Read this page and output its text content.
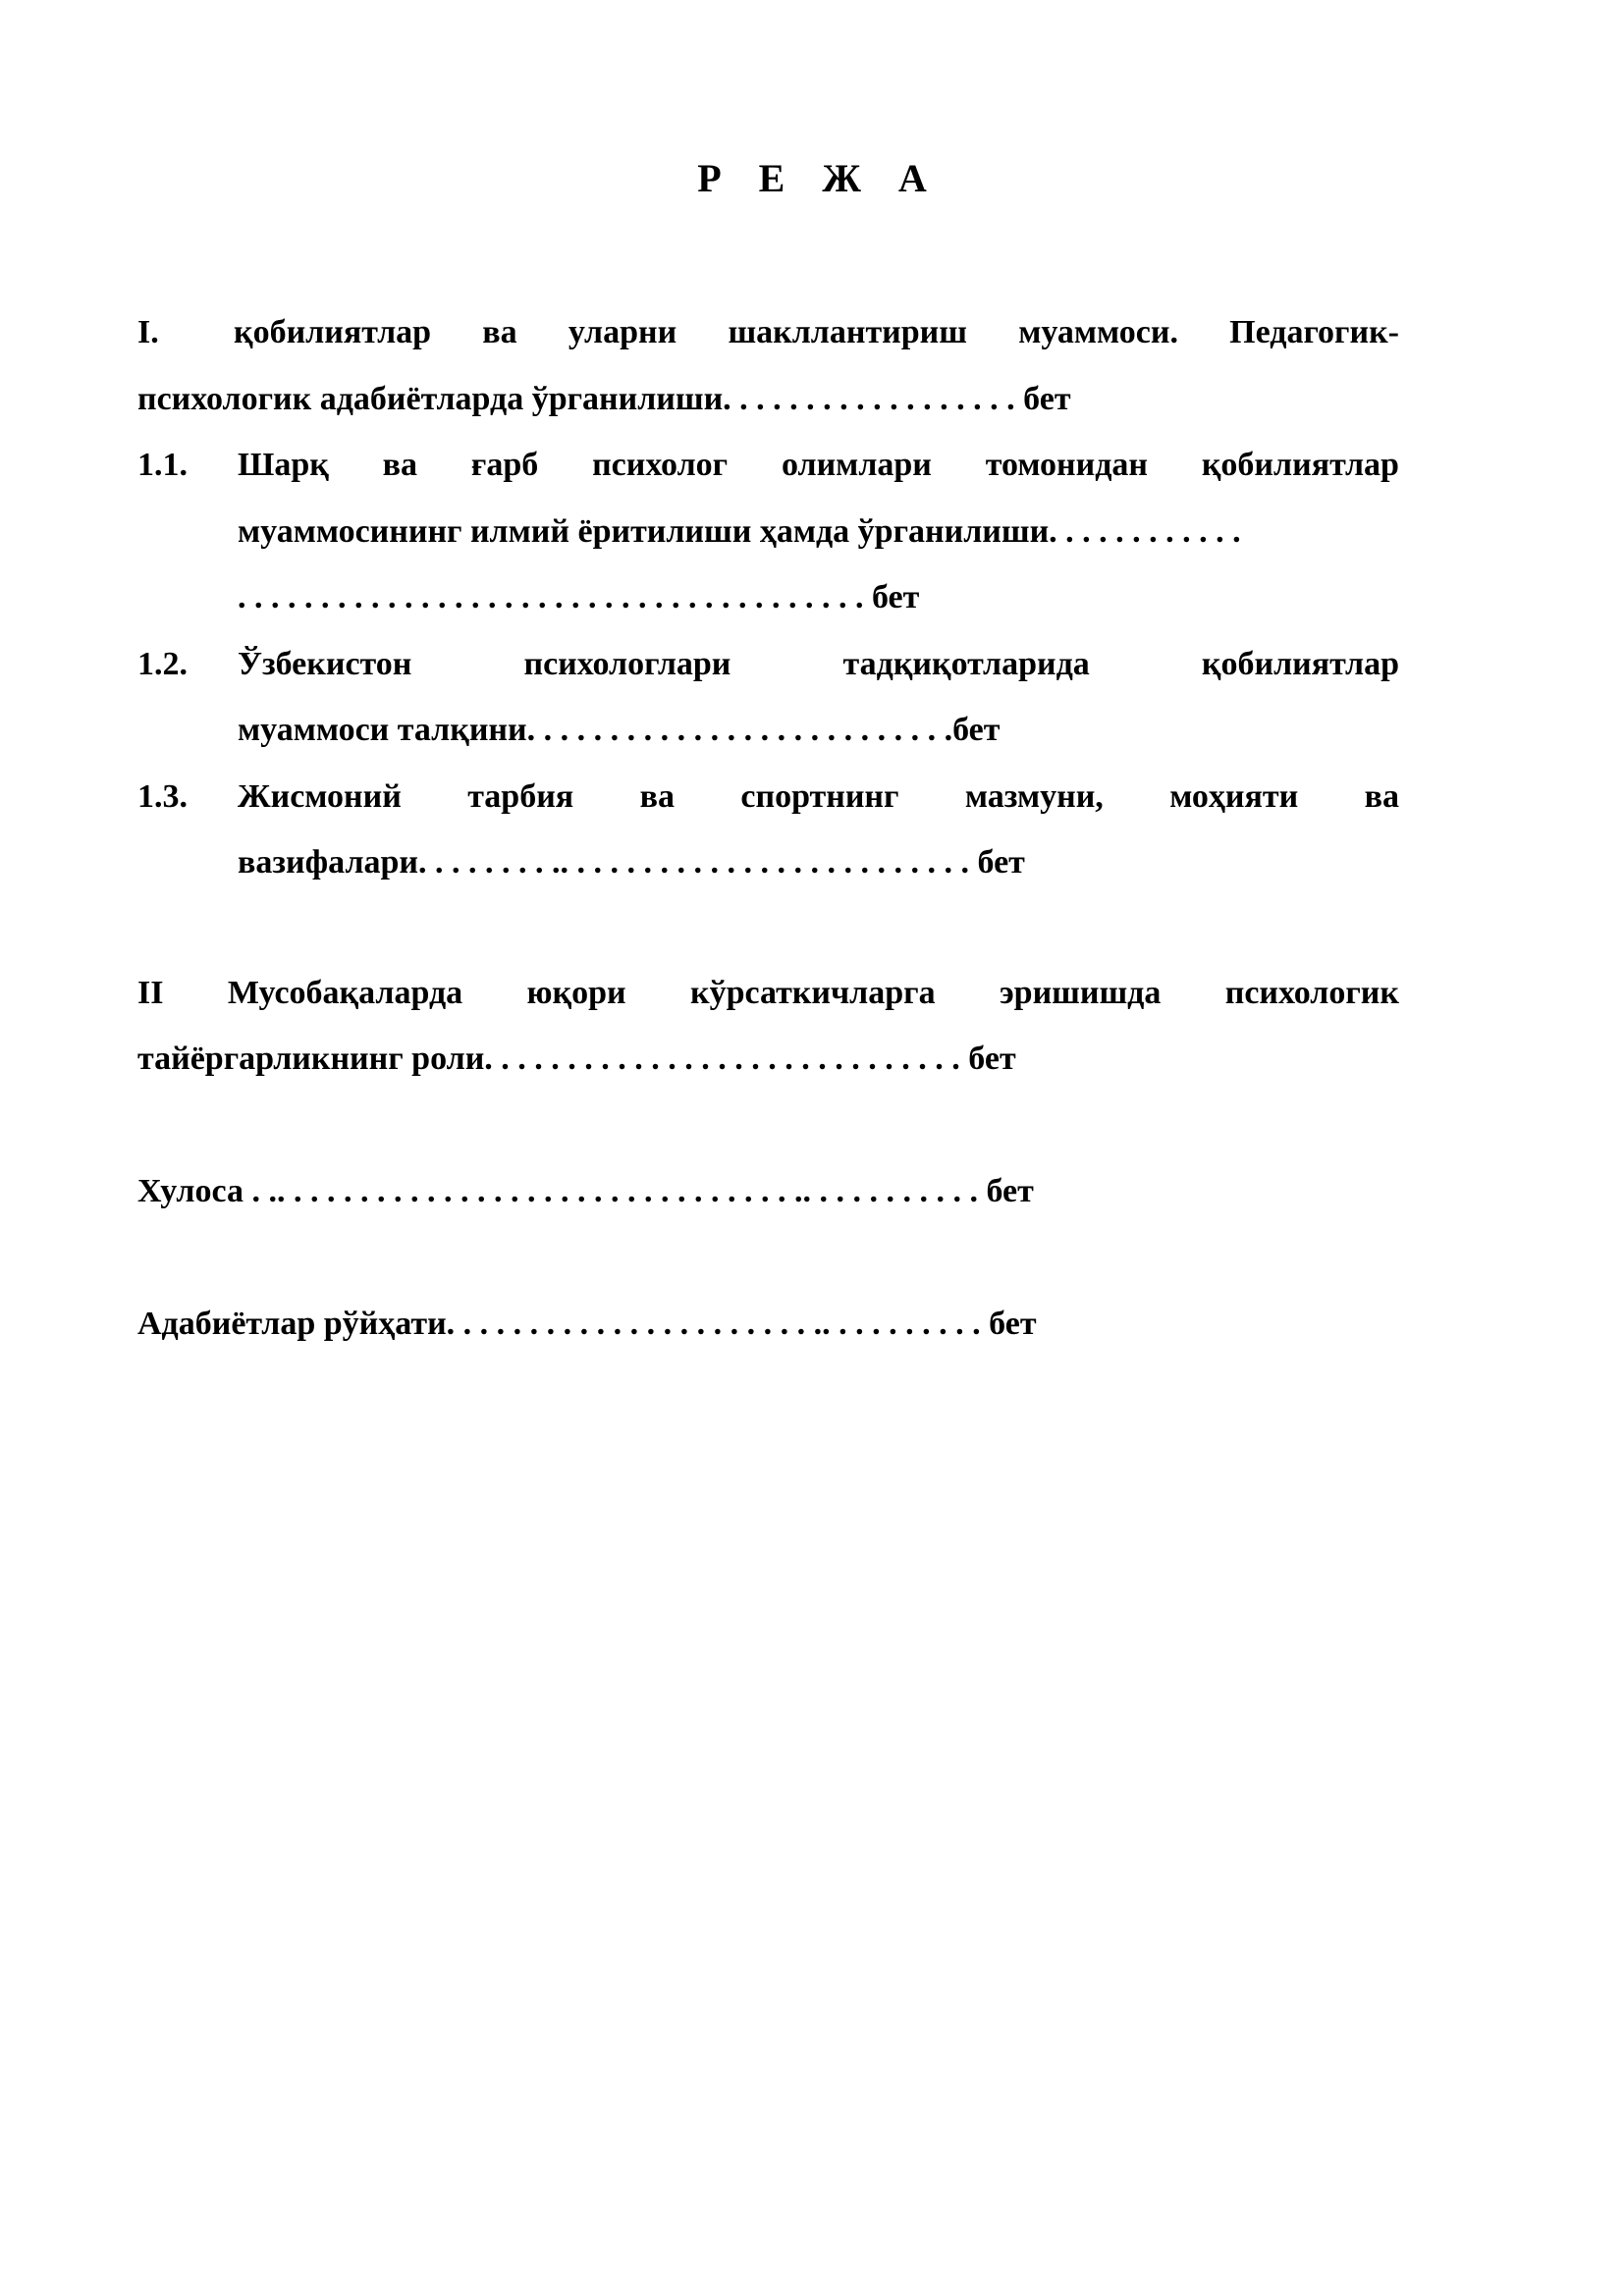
Р Е Ж А
I. қобилиятлар ва уларни шакллантириш муаммоси. Педагогик-
психологик адабиётларда ўрганилиши. . . . . . . . . . . . . . . . . . бет
1.1. Шарқ ва ғарб психолог олимлари томонидан қобилиятлар
муаммосининг илмий ёритилиши ҳамда ўрганилиши. . . . . . . . . . . .
. . . . . . . . . . . . . . . . . . . . . . . . . . . . . . . . . . . . . . бет
1.2. Ўзбекистон	психологлари	тадқиқотларида	қобилиятлар
муаммоси талқини. . . . . . . . . . . . . . . . . . . . . . . . . .бет
1.3. Жисмоний тарбия ва спортнинг мазмуни, моҳияти ва
вазифалари. . . . . . . . .. . . . . . . . . . . . . . . . . . . . . . . . . бет
II Мусобақаларда юқори кўрсаткичларга эришишда психологик
тайёргарликнинг роли. . . . . . . . . . . . . . . . . . . . . . . . . . . . . бет
Хулоса . .. . . . . . . . . . . . . . . . . . . . . . . . . . . . . . . .. . . . . . . . . . . бет
Адабиётлар рўйҳати. . . . . . . . . . . . . . . . . . . . . . .. . . . . . . . . . бет
